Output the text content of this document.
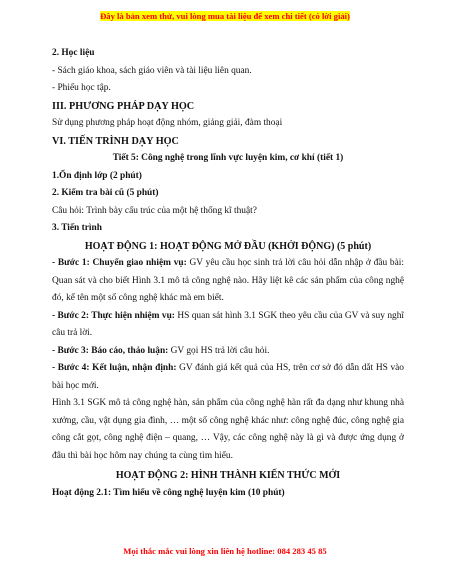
Đây là bản xem thử, vui lòng mua tài liệu để xem chi tiết (có lời giải)

2. Học liệu

- Sách giáo khoa, sách giáo viên và tài liệu liên quan.

- Phiếu học tập.

III. PHƯƠNG PHÁP DẠY HỌC

Sử dụng phương pháp hoạt động nhóm, giảng giải, đàm thoại

VI. TIẾN TRÌNH DẠY HỌC

Tiết 5: Công nghệ trong lĩnh vực luyện kim, cơ khí (tiết 1)

1.Ổn định lớp (2 phút)

2. Kiểm tra bài cũ (5 phút)

Câu hỏi: Trình bày cấu trúc của một hệ thống kĩ thuật?

3. Tiến trình

HOẠT ĐỘNG 1: HOẠT ĐỘNG MỞ ĐẦU (KHỞI ĐỘNG) (5 phút)

- Bước 1: Chuyển giao nhiệm vụ: GV yêu cầu học sinh trả lời câu hỏi dẫn nhập ở đầu bài: Quan sát và cho biết Hình 3.1 mô tả công nghệ nào. Hãy liệt kê các sản phẩm của công nghệ đó, kể tên một số công nghệ khác mà em biết.

- Bước 2: Thực hiện nhiệm vụ: HS quan sát hình 3.1 SGK theo yêu cầu của GV và suy nghĩ câu trả lời.

- Bước 3: Báo cáo, thảo luận: GV gọi HS trả lời câu hỏi.

- Bước 4: Kết luận, nhận định: GV đánh giá kết quả của HS, trên cơ sở đó dẫn dắt HS vào bài học mới.

Hình 3.1 SGK mô tả công nghệ hàn, sản phẩm của công nghệ hàn rất đa dạng như khung nhà xưởng, cầu, vật dụng gia đình, … một số công nghệ khác như: công nghệ đúc, công nghệ gia công cắt gọt, công nghệ điện – quang, … Vậy, các công nghệ này là gì và được ứng dụng ở đâu thì bài học hôm nay chúng ta cùng tìm hiểu.

HOẠT ĐỘNG 2: HÌNH THÀNH KIẾN THỨC MỚI

Hoạt động 2.1: Tìm hiểu về công nghệ luyện kim (10 phút)

Mọi thắc mắc vui lòng xin liên hệ hotline: 084 283 45 85
